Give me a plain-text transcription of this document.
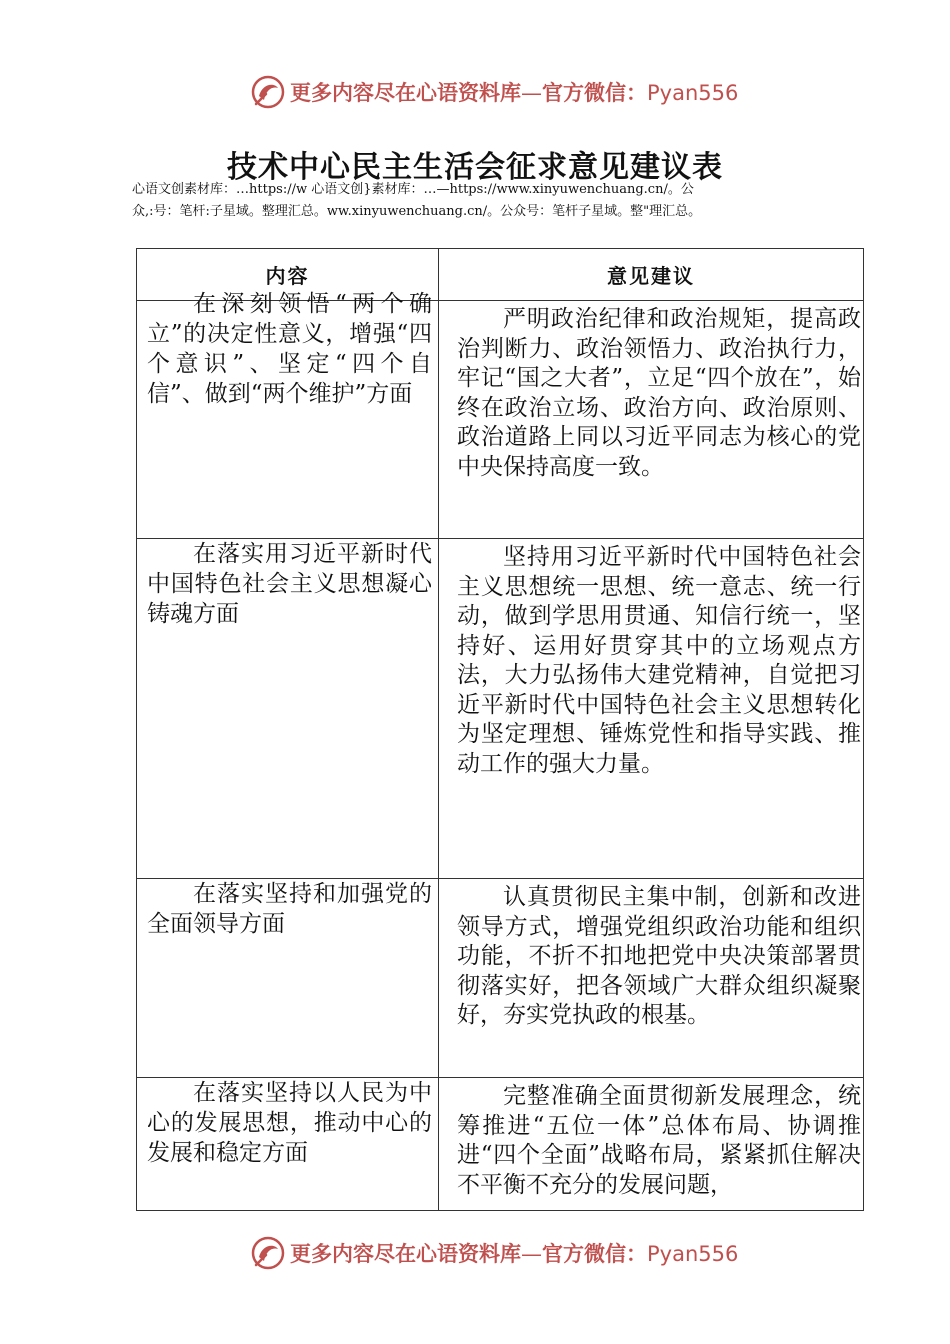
更多内容尽在心语资料库—官方微信：Pyan556
技术中心民主生活会征求意见建议表
心语文创素材库：…https://w 心语文创}素材库：…—https://www.xinyuwenchuang.cn/。公
众,:号：笔杆:子星域。整理汇总。ww.xinyuwenchuang.cn/。公众号：笔杆子星域。整"理汇总。
内容	意见建议

在深刻领悟“两个确立”的决定性意义，增强“四个意识”、坚定“四个自信”、做到“两个维护”方面	严明政治纪律和政治规矩，提高政治判断力、政治领悟力、政治执行力，牢记“国之大者”，立足“四个放在”，始终在政治立场、政治方向、政治原则、政治道路上同以习近平同志为核心的党中央保持高度一致。

在落实用习近平新时代中国特色社会主义思想凝心铸魂方面	坚持用习近平新时代中国特色社会主义思想统一思想、统一意志、统一行动，做到学思用贯通、知信行统一，坚持好、运用好贯穿其中的立场观点方法，大力弘扬伟大建党精神，自觉把习近平新时代中国特色社会主义思想转化为坚定理想、锤炼党性和指导实践、推动工作的强大力量。

在落实坚持和加强党的全面领导方面	认真贯彻民主集中制，创新和改进领导方式，增强党组织政治功能和组织功能，不折不扣地把党中央决策部署贯彻落实好，把各领域广大群众组织凝聚好，夯实党执政的根基。

在落实坚持以人民为中心的发展思想，推动中心的发展和稳定方面	完整准确全面贯彻新发展理念，统筹推进“五位一体”总体布局、协调推进“四个全面”战略布局，紧紧抓住解决不平衡不充分的发展问题，
更多内容尽在心语资料库—官方微信：Pyan556
